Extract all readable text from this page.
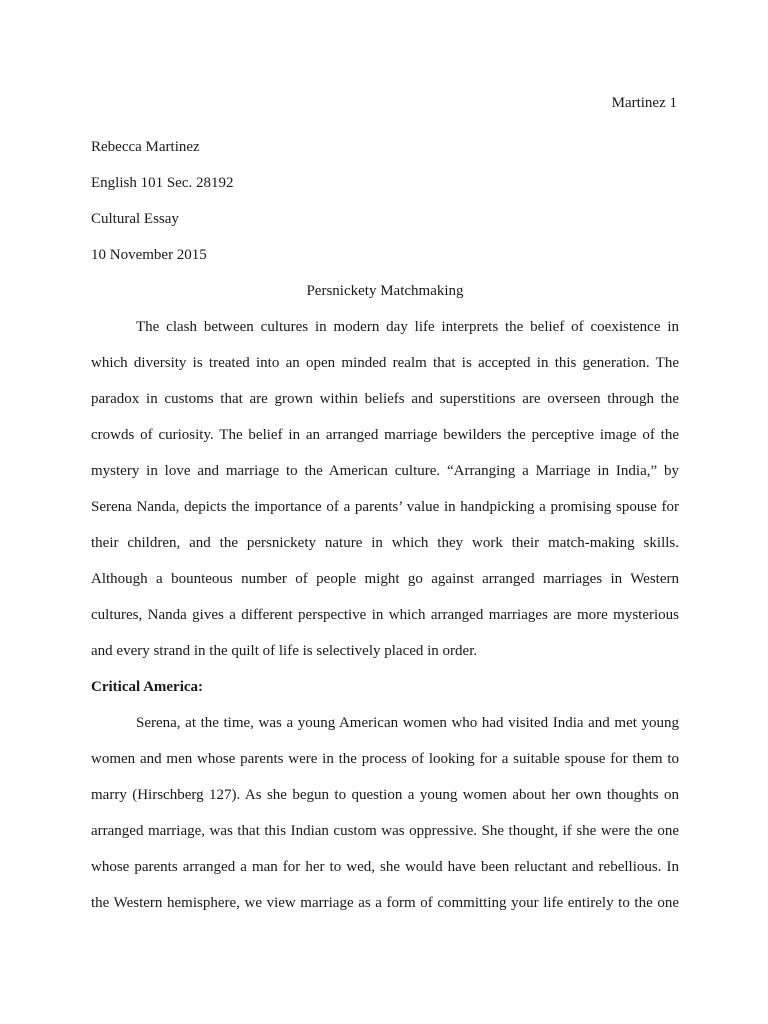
Martinez 1
Rebecca Martinez
English 101 Sec. 28192
Cultural Essay
10 November 2015
Persnickety Matchmaking
The clash between cultures in modern day life interprets the belief of coexistence in
which diversity is treated into an open minded realm that is accepted in this generation. The
paradox in customs that are grown within beliefs and superstitions are overseen through the
crowds of curiosity. The belief in an arranged marriage bewilders the perceptive image of the
mystery in love and marriage to the American culture. “Arranging a Marriage in India,” by
Serena Nanda, depicts the importance of a parents’ value in handpicking a promising spouse for
their children, and the persnickety nature in which they work their match-making skills.
Although a bounteous number of people might go against arranged marriages in Western
cultures, Nanda gives a different perspective in which arranged marriages are more mysterious
and every strand in the quilt of life is selectively placed in order.
Critical America:
Serena, at the time, was a young American women who had visited India and met young
women and men whose parents were in the process of looking for a suitable spouse for them to
marry (Hirschberg 127). As she begun to question a young women about her own thoughts on
arranged marriage, was that this Indian custom was oppressive. She thought, if she were the one
whose parents arranged a man for her to wed, she would have been reluctant and rebellious. In
the Western hemisphere, we view marriage as a form of committing your life entirely to the one
